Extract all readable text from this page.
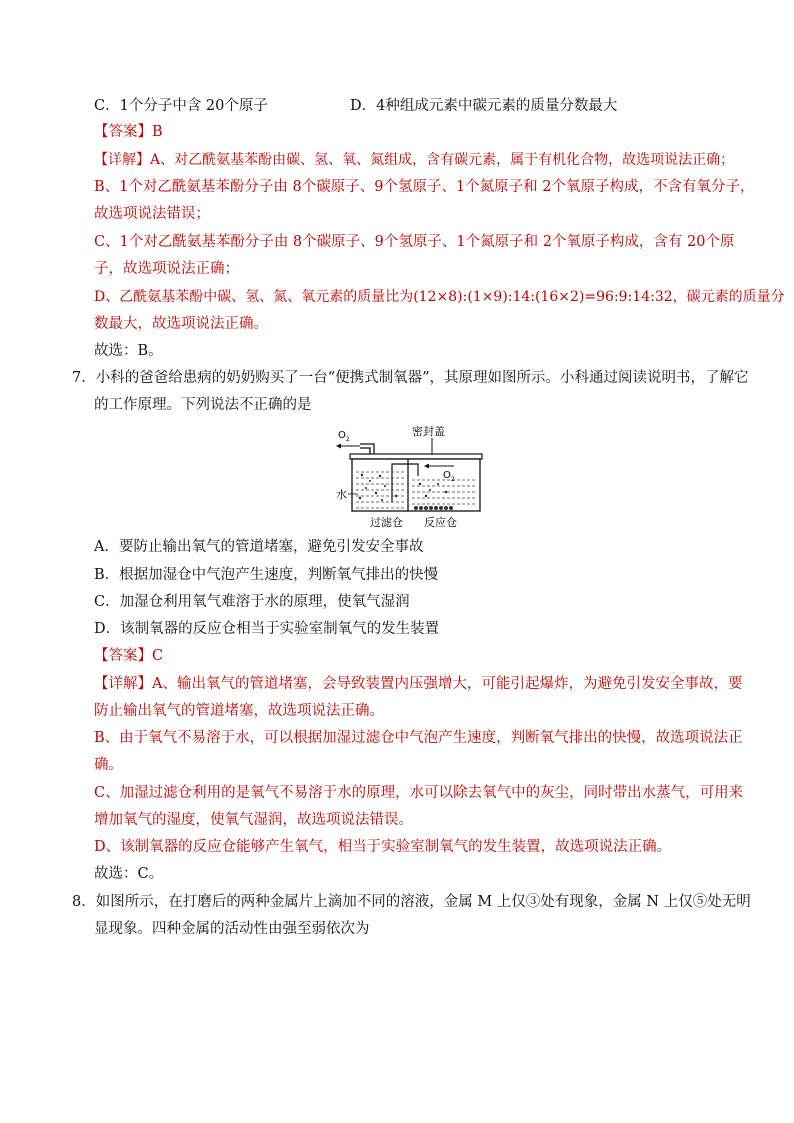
C．1个分子中含 20个原子	D．4种组成元素中碳元素的质量分数最大
【答案】B
【详解】A、对乙酰氨基苯酚由碳、氢、氧、氮组成，含有碳元素，属于有机化合物，故选项说法正确；
B、1个对乙酰氨基苯酚分子由 8个碳原子、9个氢原子、1个氮原子和 2个氧原子构成，不含有氧分子，
故选项说法错误；
C、1个对乙酰氨基苯酚分子由 8个碳原子、9个氢原子、1个氮原子和 2个氧原子构成，含有 20个原
子，故选项说法正确；
D、乙酰氨基苯酚中碳、氢、氮、氧元素的质量比为(12×8):(1×9):14:(16×2)=96:9:14:32，碳元素的质量分
数最大，故选项说法正确。
故选：B。
7．小科的爸爸给患病的奶奶购买了一台“便携式制氧器”，其原理如图所示。小科通过阅读说明书，了解它
的工作原理。下列说法不正确的是
O 2
密封盖
O 2
水
过滤仓 反应仓
A．要防止输出氧气的管道堵塞，避免引发安全事故
B．根据加湿仓中气泡产生速度，判断氧气排出的快慢
C．加湿仓利用氧气难溶于水的原理，使氧气湿润
D．该制氧器的反应仓相当于实验室制氧气的发生装置
【答案】C
【详解】A、输出氧气的管道堵塞，会导致装置内压强增大，可能引起爆炸，为避免引发安全事故，要
防止输出氧气的管道堵塞，故选项说法正确。
B、由于氧气不易溶于水，可以根据加湿过滤仓中气泡产生速度，判断氧气排出的快慢，故选项说法正
确。
C、加湿过滤仓利用的是氧气不易溶于水的原理，水可以除去氧气中的灰尘，同时带出水蒸气，可用来
增加氧气的湿度，使氧气湿润，故选项说法错误。
D、该制氧器的反应仓能够产生氧气，相当于实验室制氧气的发生装置，故选项说法正确。
故选：C。
8．如图所示，在打磨后的两种金属片上滴加不同的溶液，金属 M 上仅③处有现象，金属 N 上仅⑤处无明
显现象。四种金属的活动性由强至弱依次为
